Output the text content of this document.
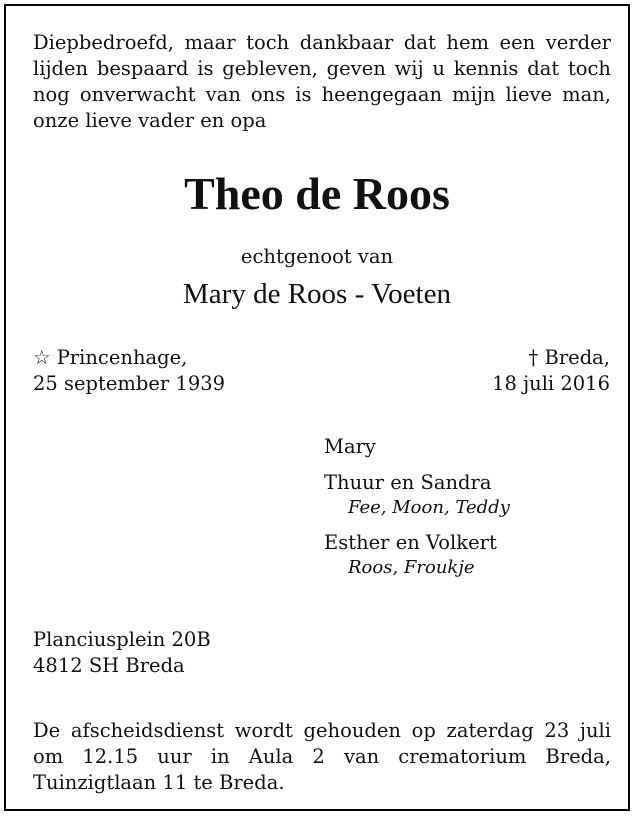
Diepbedroefd, maar toch dankbaar dat hem een verder lijden bespaard is gebleven, geven wij u kennis dat toch nog onverwacht van ons is heengegaan mijn lieve man, onze lieve vader en opa

Theo de Roos
echtgenoot van
Mary de Roos - Voeten
☆ Princenhage,
25 september 1939
† Breda,
18 juli 2016
Mary
Thuur en Sandra
Fee, Moon, Teddy
Esther en Volkert
Roos, Froukje
Planciusplein 20B
4812 SH Breda

De afscheidsdienst wordt gehouden op zaterdag 23 juli om 12.15 uur in Aula 2 van crematorium Breda, Tuinzigtlaan 11 te Breda.
